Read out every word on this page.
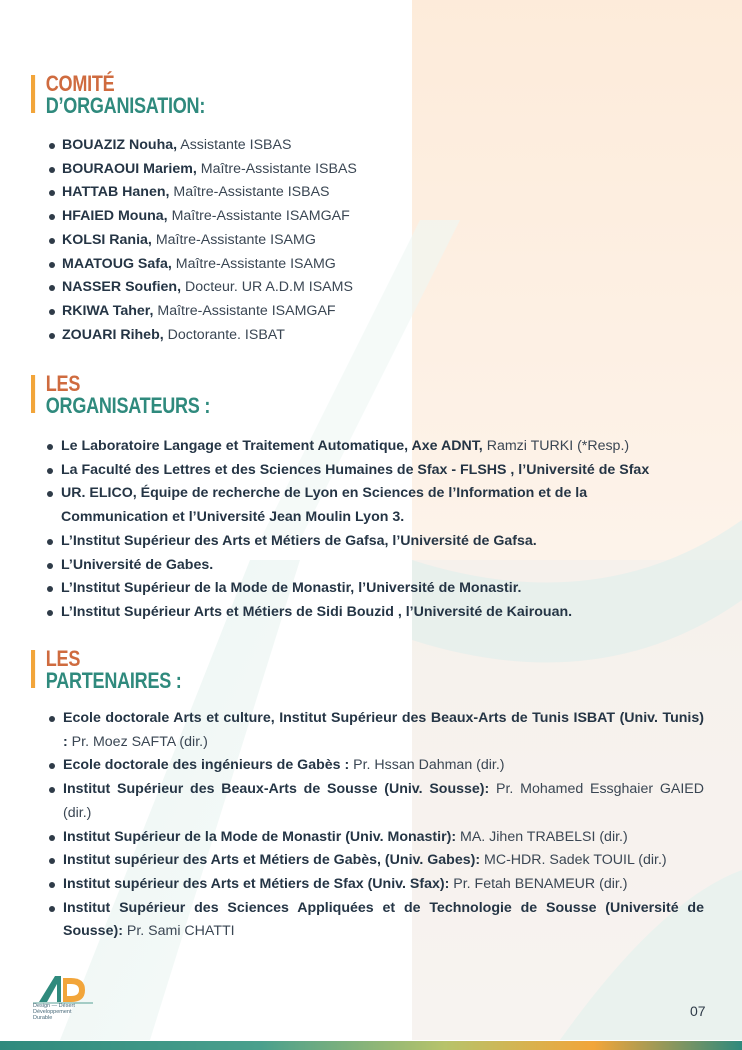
COMITÉ
D’ORGANISATION:
BOUAZIZ Nouha, Assistante ISBAS
BOURAOUI Mariem, Maître-Assistante ISBAS
HATTAB Hanen, Maître-Assistante ISBAS
HFAIED Mouna, Maître-Assistante ISAMGAF
KOLSI Rania, Maître-Assistante ISAMG
MAATOUG Safa, Maître-Assistante ISAMG
NASSER Soufien, Docteur. UR A.D.M ISAMS
RKIWA Taher, Maître-Assistante ISAMGAF
ZOUARI Riheb, Doctorante. ISBAT
LES
ORGANISATEURS :
Le Laboratoire Langage et Traitement Automatique, Axe ADNT, Ramzi TURKI (*Resp.)
La Faculté des Lettres et des Sciences Humaines de Sfax - FLSHS , l’Université de Sfax
UR. ELICO, Équipe de recherche de Lyon en Sciences de l’Information et de la Communication et l’Université Jean Moulin Lyon 3.
L’Institut Supérieur des Arts et Métiers de Gafsa, l’Université de Gafsa.
L’Université de Gabes.
L’Institut Supérieur de la Mode de Monastir, l’Université de Monastir.
L’Institut Supérieur Arts et Métiers de Sidi Bouzid , l’Université de Kairouan.
LES
PARTENAIRES :
Ecole doctorale Arts et culture, Institut Supérieur des Beaux-Arts de Tunis ISBAT (Univ. Tunis) : Pr. Moez SAFTA (dir.)
Ecole doctorale des ingénieurs de Gabès : Pr. Hssan Dahman (dir.)
Institut Supérieur des Beaux-Arts de Sousse (Univ. Sousse): Pr. Mohamed Essghaier GAIED (dir.)
Institut Supérieur de la Mode de Monastir (Univ. Monastir): MA. Jihen TRABELSI (dir.)
Institut supérieur des Arts et Métiers de Gabès, (Univ. Gabes): MC-HDR. Sadek TOUIL (dir.)
Institut supérieur des Arts et Métiers de Sfax (Univ. Sfax): Pr. Fetah BENAMEUR (dir.)
Institut Supérieur des Sciences Appliquées et de Technologie de Sousse (Université de Sousse): Pr. Sami CHATTI
Design — Désert
Développement
Durable	07
